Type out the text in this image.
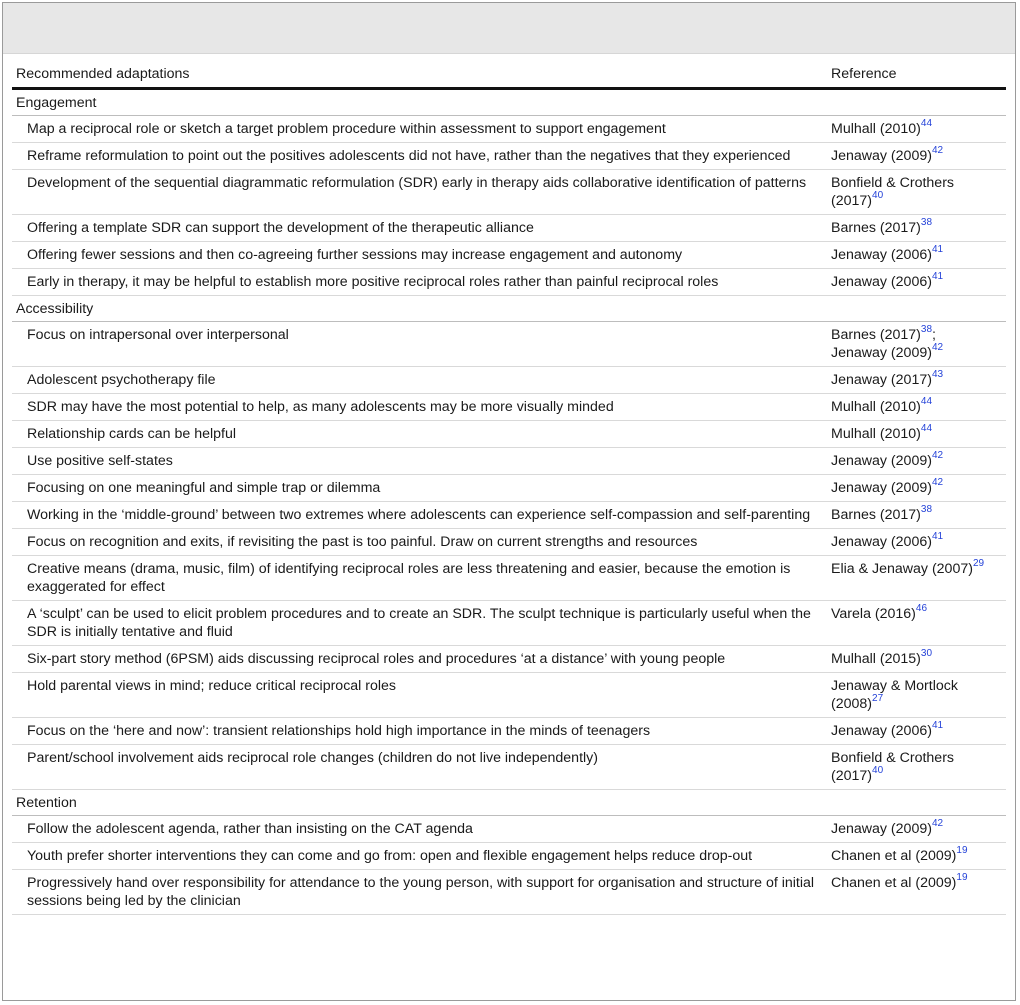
Recommended adaptations	Reference
Engagement	
Map a reciprocal role or sketch a target problem procedure within assessment to support engagement	Mulhall $(2010)^{44}$
Reframe reformulation to point out the positives adolescents did not have, rather than the negatives that they experienced	Jenaway $(2009)^{42}$
Development of the sequential diagrammatic reformulation (SDR) early in therapy aids collaborative identification of patterns	Bonfield & Crothers
$(2017)^{40}$
Offering a template SDR can support the development of the therapeutic alliance	Barnes $(2017)^{38}$
Offering fewer sessions and then co-agreeing further sessions may increase engagement and autonomy	Jenaway $(2006)^{41}$
Early in therapy, it may be helpful to establish more positive reciprocal roles rather than painful reciprocal roles	Jenaway $(2006)^{41}$
Accessibility	
Focus on intrapersonal over interpersonal	Barnes $(2017)^{38}$;
Jenaway $(2009)^{42}$
Adolescent psychotherapy file	Jenaway $(2017)^{43}$
SDR may have the most potential to help, as many adolescents may be more visually minded	Mulhall $(2010)^{44}$
Relationship cards can be helpful	Mulhall $(2010)^{44}$
Use positive self-states	Jenaway $(2009)^{42}$
Focusing on one meaningful and simple trap or dilemma	Jenaway $(2009)^{42}$
Working in the ‘middle-ground’ between two extremes where adolescents can experience self-compassion and self-parenting	Barnes $(2017)^{38}$
Focus on recognition and exits, if revisiting the past is too painful. Draw on current strengths and resources	Jenaway $(2006)^{41}$
Creative means (drama, music, film) of identifying reciprocal roles are less threatening and easier, because the emotion is exaggerated for effect	Elia & Jenaway $(2007)^{29}$
A ‘sculpt’ can be used to elicit problem procedures and to create an SDR. The sculpt technique is particularly useful when the SDR is initially tentative and fluid	Varela $(2016)^{46}$
Six-part story method (6PSM) aids discussing reciprocal roles and procedures ‘at a distance’ with young people	Mulhall $(2015)^{30}$
Hold parental views in mind; reduce critical reciprocal roles	Jenaway & Mortlock
$(2008)^{27}$
Focus on the ‘here and now’: transient relationships hold high importance in the minds of teenagers	Jenaway $(2006)^{41}$
Parent/school involvement aids reciprocal role changes (children do not live independently)	Bonfield & Crothers
$(2017)^{40}$
Retention	
Follow the adolescent agenda, rather than insisting on the CAT agenda	Jenaway $(2009)^{42}$
Youth prefer shorter interventions they can come and go from: open and flexible engagement helps reduce drop-out	Chanen et al $(2009)^{19}$
Progressively hand over responsibility for attendance to the young person, with support for organisation and structure of initial sessions being led by the clinician	Chanen et al $(2009)^{19}$
